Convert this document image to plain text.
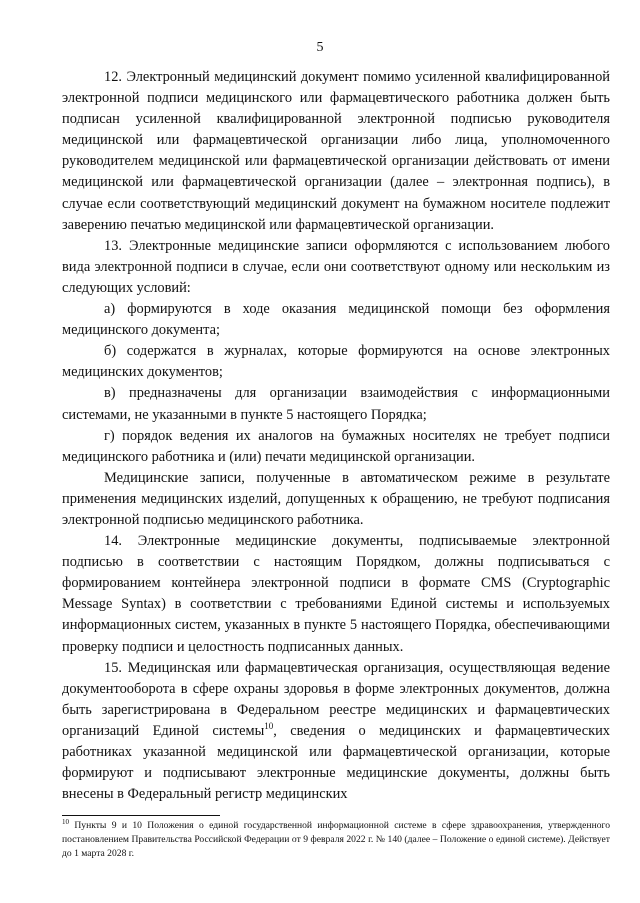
5

12. Электронный медицинский документ помимо усиленной квалифицированной электронной подписи медицинского или фармацевтического работника должен быть подписан усиленной квалифицированной электронной подписью руководителя медицинской или фармацевтической организации либо лица, уполномоченного руководителем медицинской или фармацевтической организации действовать от имени медицинской или фармацевтической организации (далее – электронная подпись), в случае если соответствующий медицинский документ на бумажном носителе подлежит заверению печатью медицинской или фармацевтической организации.

13. Электронные медицинские записи оформляются с использованием любого вида электронной подписи в случае, если они соответствуют одному или нескольким из следующих условий:

а) формируются в ходе оказания медицинской помощи без оформления медицинского документа;

б) содержатся в журналах, которые формируются на основе электронных медицинских документов;

в) предназначены для организации взаимодействия с информационными системами, не указанными в пункте 5 настоящего Порядка;

г) порядок ведения их аналогов на бумажных носителях не требует подписи медицинского работника и (или) печати медицинской организации.

Медицинские записи, полученные в автоматическом режиме в результате применения медицинских изделий, допущенных к обращению, не требуют подписания электронной подписью медицинского работника.

14. Электронные медицинские документы, подписываемые электронной подписью в соответствии с настоящим Порядком, должны подписываться с формированием контейнера электронной подписи в формате CMS (Cryptographic Message Syntax) в соответствии с требованиями Единой системы и используемых информационных систем, указанных в пункте 5 настоящего Порядка, обеспечивающими проверку подписи и целостность подписанных данных.

15. Медицинская или фармацевтическая организация, осуществляющая ведение документооборота в сфере охраны здоровья в форме электронных документов, должна быть зарегистрирована в Федеральном реестре медицинских и фармацевтических организаций Единой системы$^{10}$, сведения о медицинских и фармацевтических работниках указанной медицинской или фармацевтической организации, которые формируют и подписывают электронные медицинские документы, должны быть внесены в Федеральный регистр медицинских

$^{10}$ Пункты 9 и 10 Положения о единой государственной информационной системе в сфере здравоохранения, утвержденного постановлением Правительства Российской Федерации от 9 февраля 2022 г. № 140 (далее – Положение о единой системе). Действует до 1 марта 2028 г.
